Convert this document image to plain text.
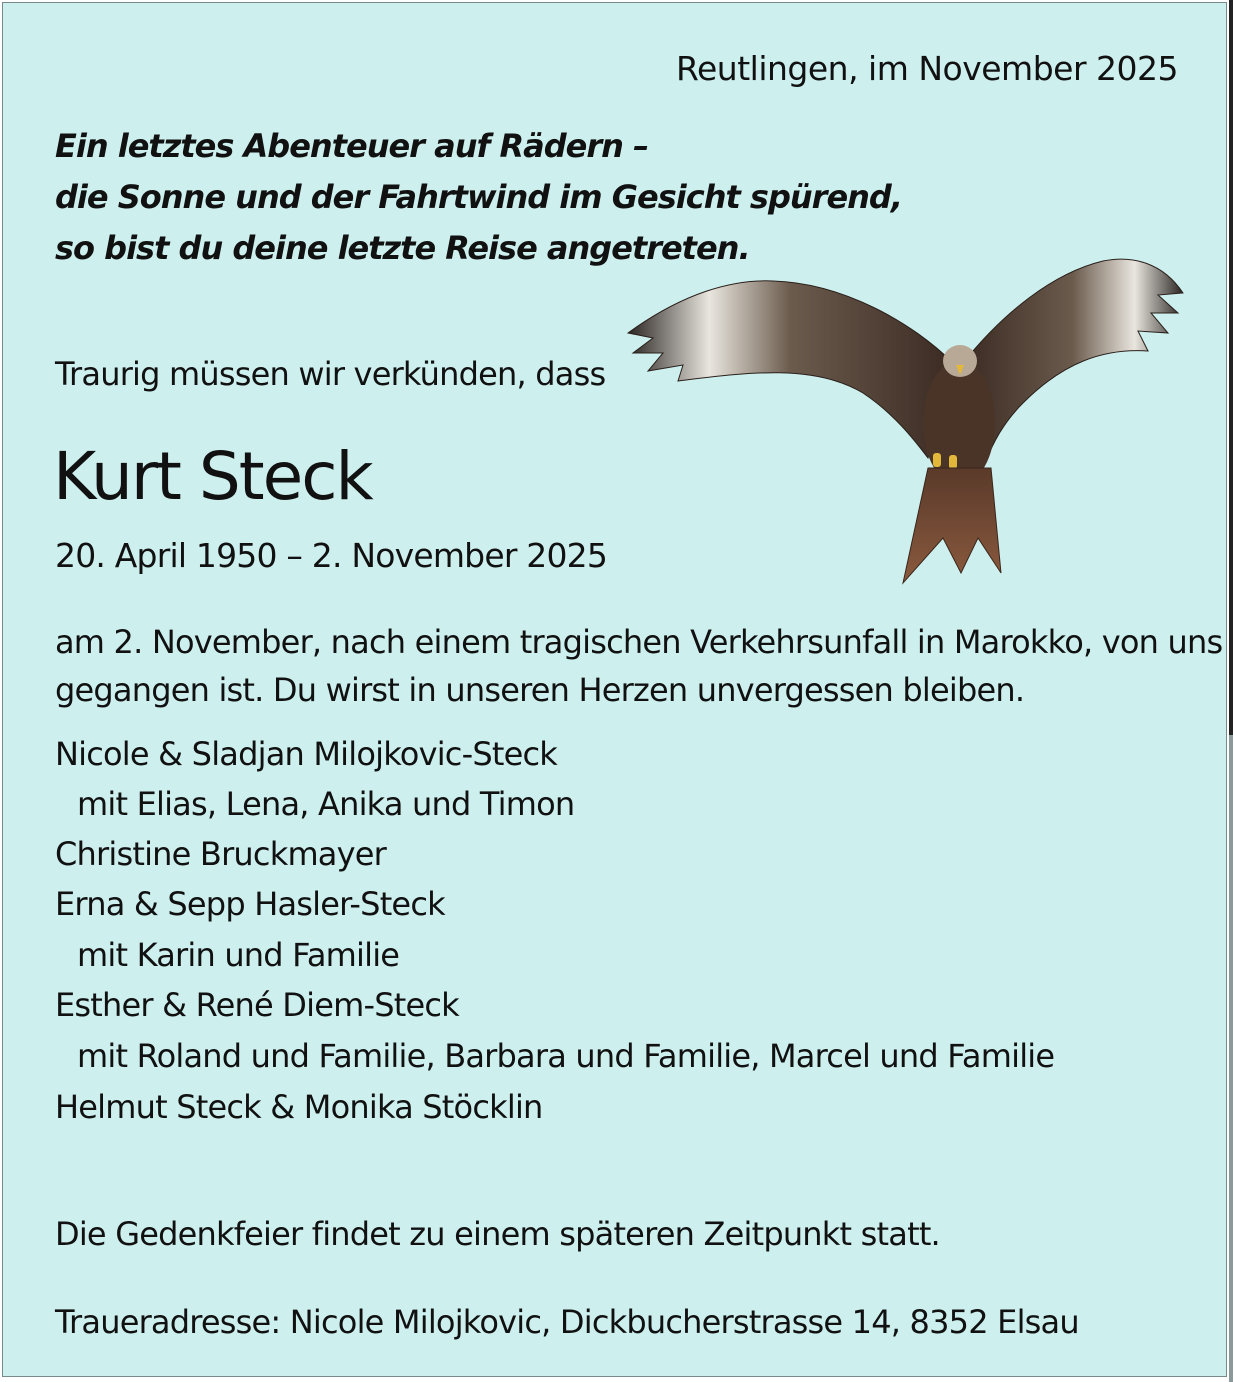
Reutlingen, im November 2025
Ein letztes Abenteuer auf Rädern –
die Sonne und der Fahrtwind im Gesicht spürend,
so bist du deine letzte Reise angetreten.
Traurig müssen wir verkünden, dass
Kurt Steck
20. April 1950 – 2. November 2025
am 2. November, nach einem tragischen Verkehrsunfall in Marokko, von uns
gegangen ist. Du wirst in unseren Herzen unvergessen bleiben.
Nicole & Sladjan Milojkovic-Steck
mit Elias, Lena, Anika und Timon
Christine Bruckmayer
Erna & Sepp Hasler-Steck
mit Karin und Familie
Esther & René Diem-Steck
mit Roland und Familie, Barbara und Familie, Marcel und Familie
Helmut Steck & Monika Stöcklin
Die Gedenkfeier findet zu einem späteren Zeitpunkt statt.
Traueradresse: Nicole Milojkovic, Dickbucherstrasse 14, 8352 Elsau
